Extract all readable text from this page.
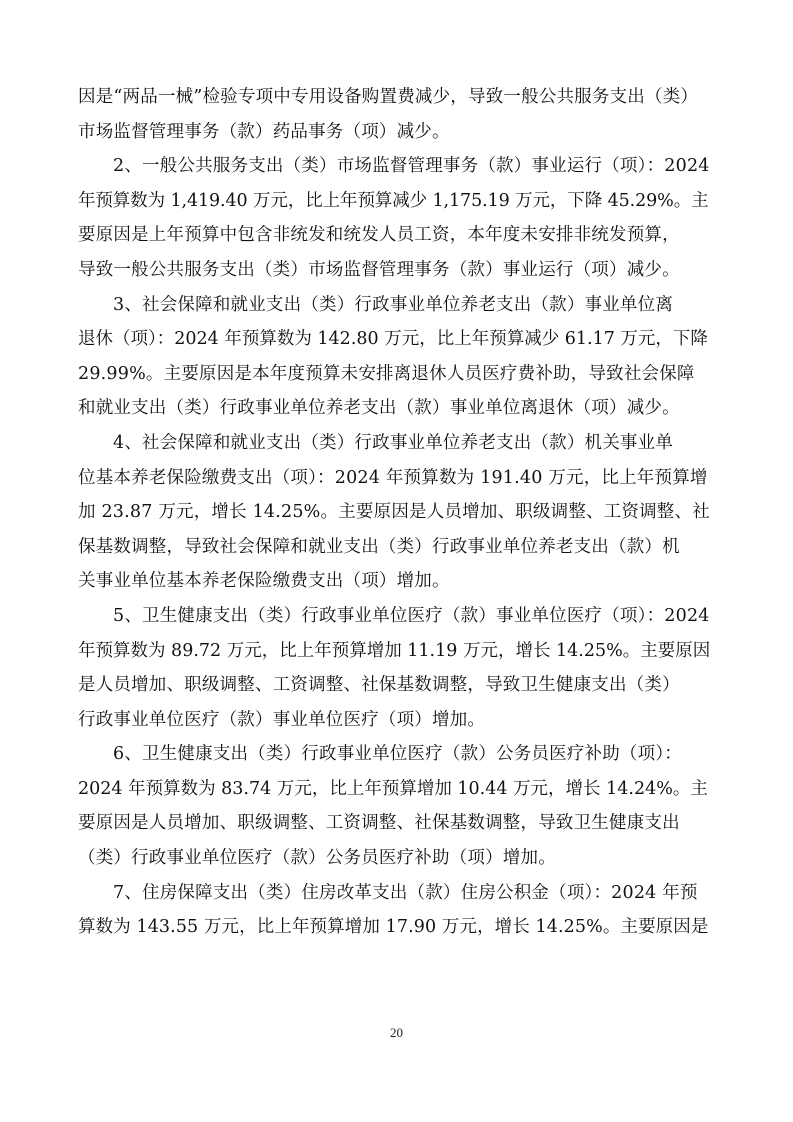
因是“两品一械”检验专项中专用设备购置费减少，导致一般公共服务支出（类）
市场监督管理事务（款）药品事务（项）减少。
2、一般公共服务支出（类）市场监督管理事务（款）事业运行（项）：2024
年预算数为 1,419.40 万元，比上年预算减少 1,175.19 万元，下降 45.29%。主
要原因是上年预算中包含非统发和统发人员工资，本年度未安排非统发预算，
导致一般公共服务支出（类）市场监督管理事务（款）事业运行（项）减少。
3、社会保障和就业支出（类）行政事业单位养老支出（款）事业单位离
退休（项）：2024 年预算数为 142.80 万元，比上年预算减少 61.17 万元，下降
29.99%。主要原因是本年度预算未安排离退休人员医疗费补助，导致社会保障
和就业支出（类）行政事业单位养老支出（款）事业单位离退休（项）减少。
4、社会保障和就业支出（类）行政事业单位养老支出（款）机关事业单
位基本养老保险缴费支出（项）：2024 年预算数为 191.40 万元，比上年预算增
加 23.87 万元，增长 14.25%。主要原因是人员增加、职级调整、工资调整、社
保基数调整，导致社会保障和就业支出（类）行政事业单位养老支出（款）机
关事业单位基本养老保险缴费支出（项）增加。
5、卫生健康支出（类）行政事业单位医疗（款）事业单位医疗（项）：2024
年预算数为 89.72 万元，比上年预算增加 11.19 万元，增长 14.25%。主要原因
是人员增加、职级调整、工资调整、社保基数调整，导致卫生健康支出（类）
行政事业单位医疗（款）事业单位医疗（项）增加。
6、卫生健康支出（类）行政事业单位医疗（款）公务员医疗补助（项）：
2024 年预算数为 83.74 万元，比上年预算增加 10.44 万元，增长 14.24%。主
要原因是人员增加、职级调整、工资调整、社保基数调整，导致卫生健康支出
（类）行政事业单位医疗（款）公务员医疗补助（项）增加。
7、住房保障支出（类）住房改革支出（款）住房公积金（项）：2024 年预
算数为 143.55 万元，比上年预算增加 17.90 万元，增长 14.25%。主要原因是

20
